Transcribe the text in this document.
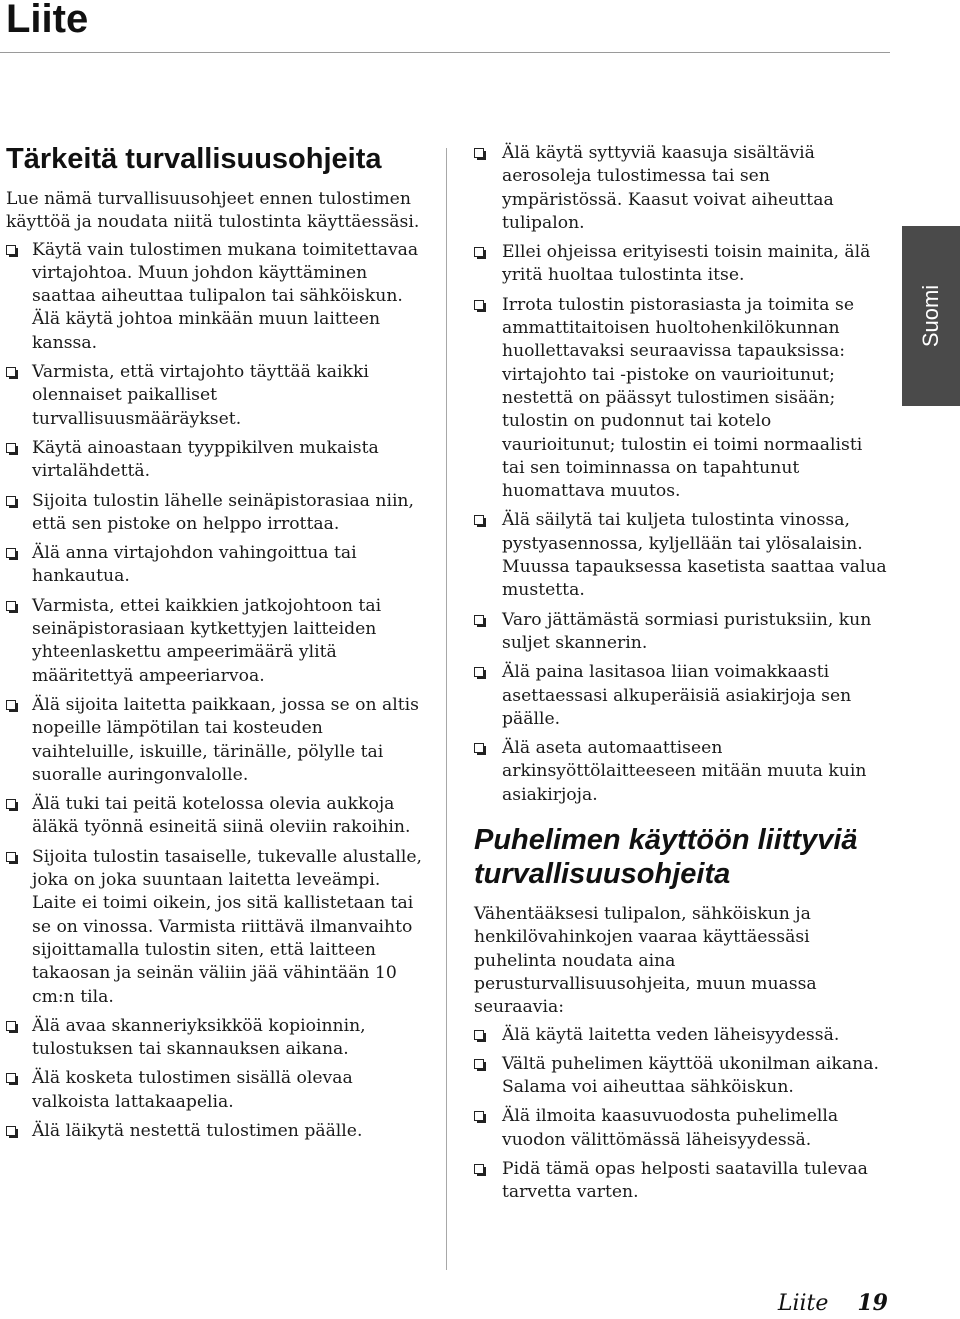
Liite
Tärkeitä turvallisuusohjeita

Lue nämä turvallisuusohjeet ennen tulostimen käyttöä ja noudata niitä tulostinta käyttäessäsi.

Käytä vain tulostimen mukana toimitettavaa virtajohtoa. Muun johdon käyttäminen saattaa aiheuttaa tulipalon tai sähköiskun. Älä käytä johtoa minkään muun laitteen kanssa.
Varmista, että virtajohto täyttää kaikki olennaiset paikalliset turvallisuusmääräykset.
Käytä ainoastaan tyyppikilven mukaista virtalähdettä.
Sijoita tulostin lähelle seinäpistorasiaa niin, että sen pistoke on helppo irrottaa.
Älä anna virtajohdon vahingoittua tai hankautua.
Varmista, ettei kaikkien jatkojohtoon tai seinäpistorasiaan kytkettyjen laitteiden yhteenlaskettu ampeerimäärä ylitä määritettyä ampeeriarvoa.
Älä sijoita laitetta paikkaan, jossa se on altis nopeille lämpötilan tai kosteuden vaihteluille, iskuille, tärinälle, pölylle tai suoralle auringonvalolle.
Älä tuki tai peitä kotelossa olevia aukkoja äläkä työnnä esineitä siinä oleviin rakoihin.
Sijoita tulostin tasaiselle, tukevalle alustalle, joka on joka suuntaan laitetta leveämpi. Laite ei toimi oikein, jos sitä kallistetaan tai se on vinossa. Varmista riittävä ilmanvaihto sijoittamalla tulostin siten, että laitteen takaosan ja seinän väliin jää vähintään 10 cm:n tila.
Älä avaa skanneriyksikköä kopioinnin, tulostuksen tai skannauksen aikana.
Älä kosketa tulostimen sisällä olevaa valkoista lattakaapelia.
Älä läikytä nestettä tulostimen päälle.
Älä käytä syttyviä kaasuja sisältäviä aerosoleja tulostimessa tai sen ympäristössä. Kaasut voivat aiheuttaa tulipalon.
Ellei ohjeissa erityisesti toisin mainita, älä yritä huoltaa tulostinta itse.
Irrota tulostin pistorasiasta ja toimita se ammattitaitoisen huoltohenkilökunnan huollettavaksi seuraavissa tapauksissa: virtajohto tai -pistoke on vaurioitunut; nestettä on päässyt tulostimen sisään; tulostin on pudonnut tai kotelo vaurioitunut; tulostin ei toimi normaalisti tai sen toiminnassa on tapahtunut huomattava muutos.
Älä säilytä tai kuljeta tulostinta vinossa, pystyasennossa, kyljellään tai ylösalaisin. Muussa tapauksessa kasetista saattaa valua mustetta.
Varo jättämästä sormiasi puristuksiin, kun suljet skannerin.
Älä paina lasitasoa liian voimakkaasti asettaessasi alkuperäisiä asiakirjoja sen päälle.
Älä aseta automaattiseen arkinsyöttölaitteeseen mitään muuta kuin asiakirjoja.
Puhelimen käyttöön liittyviä turvallisuusohjeita

Vähentääksesi tulipalon, sähköiskun ja henkilövahinkojen vaaraa käyttäessäsi puhelinta noudata aina perusturvallisuusohjeita, muun muassa seuraavia:

Älä käytä laitetta veden läheisyydessä.
Vältä puhelimen käyttöä ukonilman aikana. Salama voi aiheuttaa sähköiskun.
Älä ilmoita kaasuvuodosta puhelimella vuodon välittömässä läheisyydessä.
Pidä tämä opas helposti saatavilla tulevaa tarvetta varten.
Suomi
Liite 19
